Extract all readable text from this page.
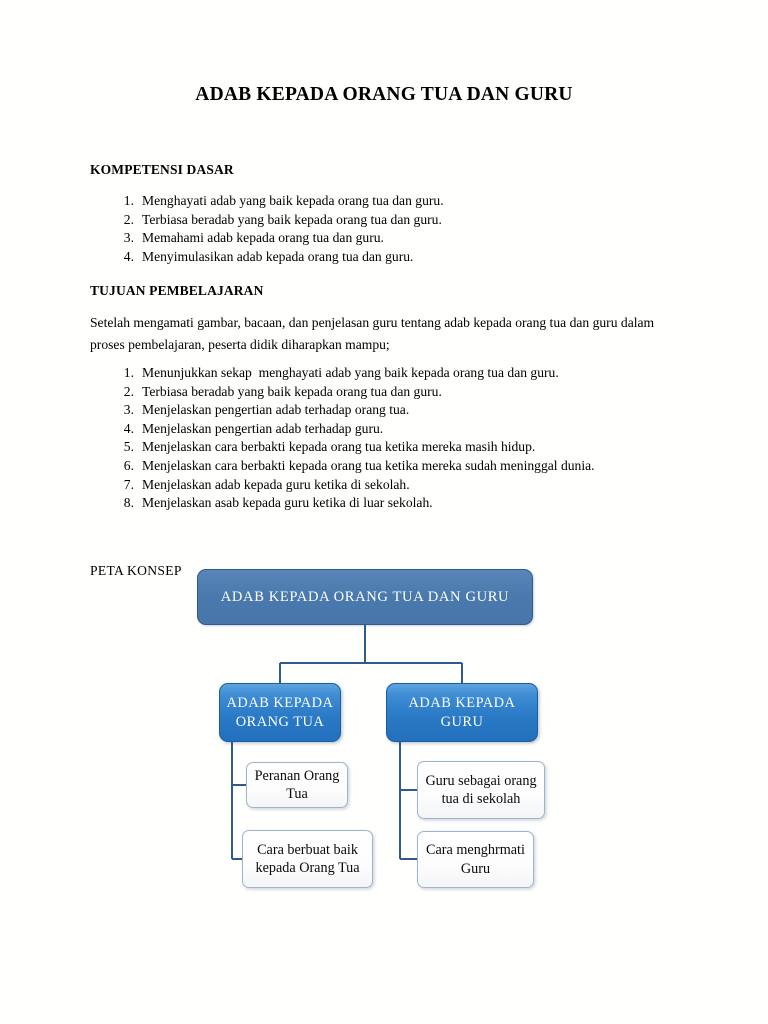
ADAB KEPADA ORANG TUA DAN GURU
KOMPETENSI DASAR
1. Menghayati adab yang baik kepada orang tua dan guru.
2. Terbiasa beradab yang baik kepada orang tua dan guru.
3. Memahami adab kepada orang tua dan guru.
4. Menyimulasikan adab kepada orang tua dan guru.
TUJUAN PEMBELAJARAN
Setelah mengamati gambar, bacaan, dan penjelasan guru tentang adab kepada orang tua dan guru dalam proses pembelajaran, peserta didik diharapkan mampu;
1. Menunjukkan sekap  menghayati adab yang baik kepada orang tua dan guru.
2. Terbiasa beradab yang baik kepada orang tua dan guru.
3. Menjelaskan pengertian adab terhadap orang tua.
4. Menjelaskan pengertian adab terhadap guru.
5. Menjelaskan cara berbakti kepada orang tua ketika mereka masih hidup.
6. Menjelaskan cara berbakti kepada orang tua ketika mereka sudah meninggal dunia.
7. Menjelaskan adab kepada guru ketika di sekolah.
8. Menjelaskan asab kepada guru ketika di luar sekolah.
PETA KONSEP
ADAB KEPADA ORANG TUA DAN GURU
ADAB KEPADA ORANG TUA
ADAB KEPADA GURU
Peranan Orang Tua
Cara berbuat baik kepada Orang Tua
Guru sebagai orang tua di sekolah
Cara menghrmati Guru
